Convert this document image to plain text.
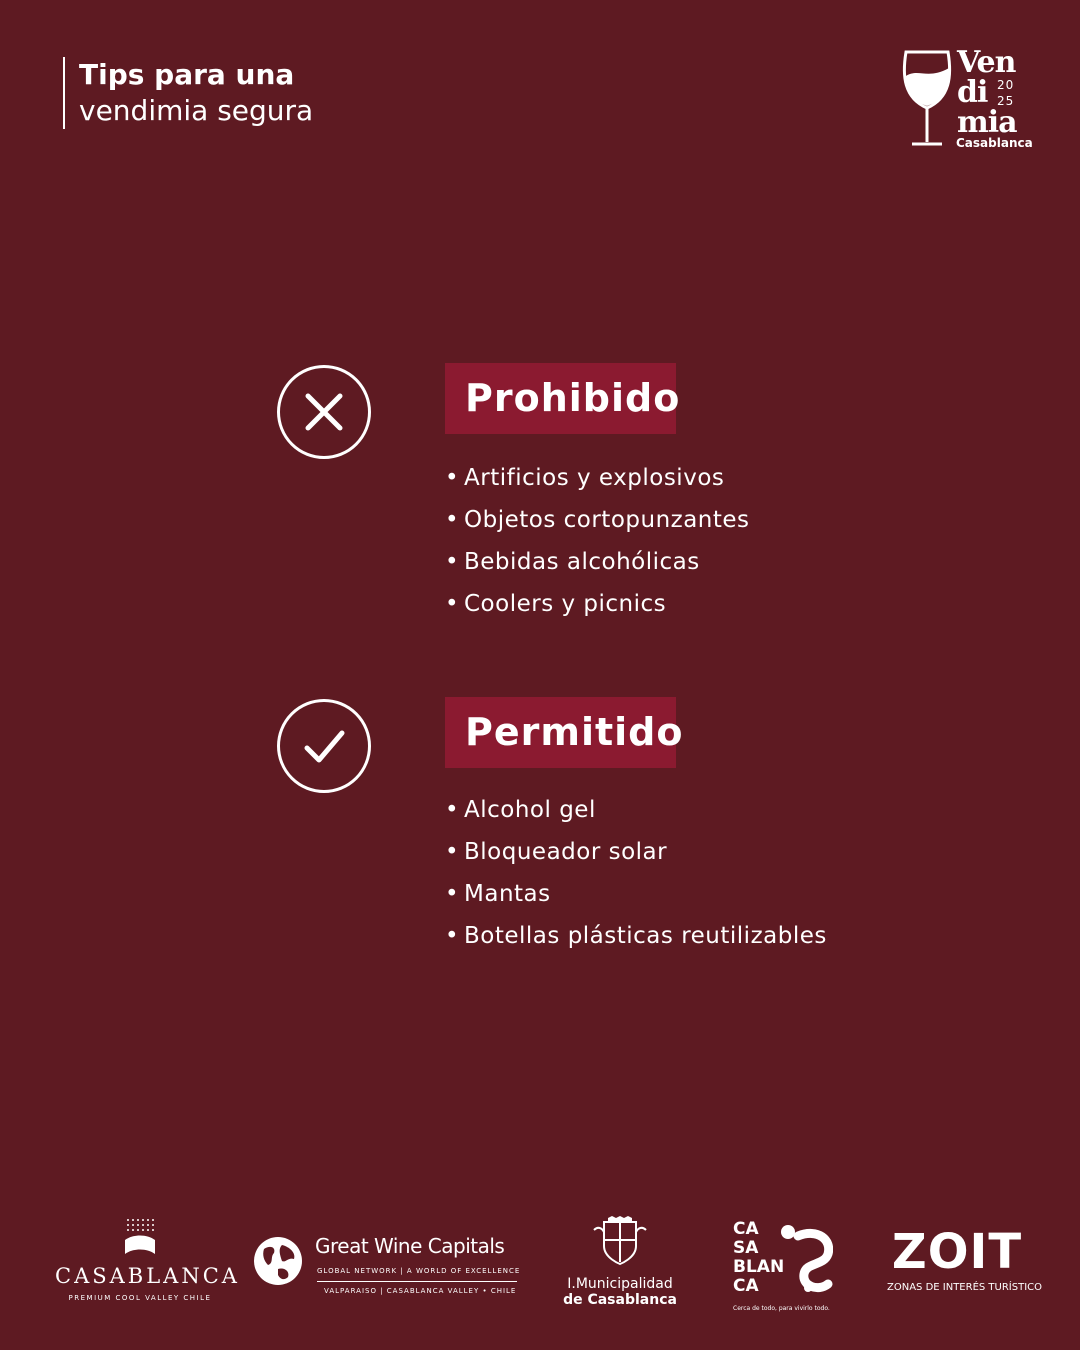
Tips para una
vendimia segura
Ven
di
mia
20
25
Casablanca
Prohibido
• Artificios y explosivos
• Objetos cortopunzantes
• Bebidas alcohólicas
• Coolers y picnics
Permitido
• Alcohol gel
• Bloqueador solar
• Mantas
• Botellas plásticas reutilizables
CASABLANCA
PREMIUM COOL VALLEY CHILE
Great Wine Capitals
GLOBAL NETWORK | A WORLD OF EXCELLENCE
VALPARAISO | CASABLANCA VALLEY • CHILE	I.Municipalidad
de Casablanca
CA
SA
BLAN
CA
Cerca de todo, para vivirlo todo.
ZOIT
ZONAS DE INTERÉS TURÍSTICO
